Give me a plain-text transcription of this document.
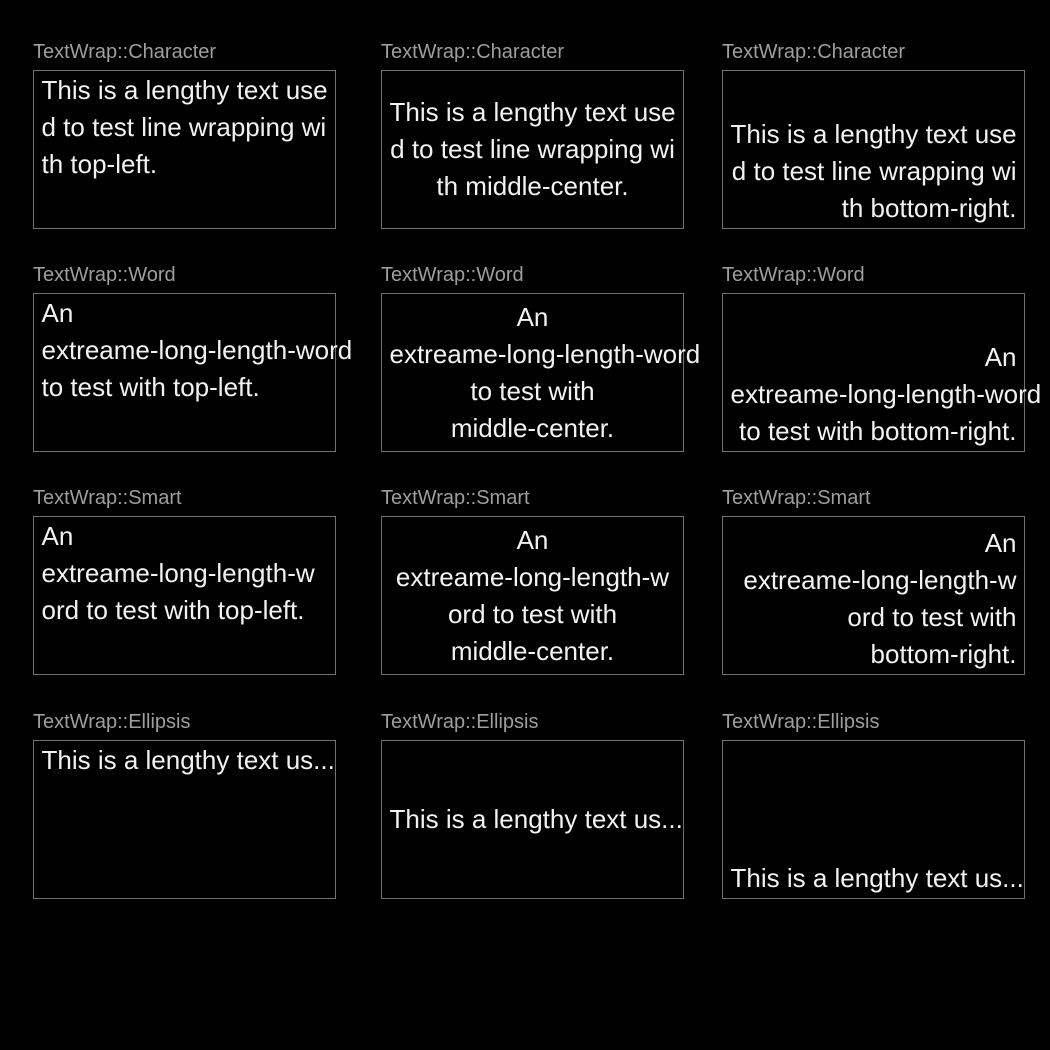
TextWrap::Character
This is a lengthy text use
d to test line wrapping wi
th top-left.
TextWrap::Character
This is a lengthy text use
d to test line wrapping wi
th middle-center.
TextWrap::Character
This is a lengthy text use
d to test line wrapping wi
th bottom-right.
TextWrap::Word
An
extreame-long-length-word
to test with top-left.
TextWrap::Word
An
extreame-long-length-word
to test with
middle-center.
TextWrap::Word
An
extreame-long-length-word
to test with bottom-right.
TextWrap::Smart
An
extreame-long-length-w
ord to test with top-left.
TextWrap::Smart
An
extreame-long-length-w
ord to test with
middle-center.
TextWrap::Smart
An
extreame-long-length-w
ord to test with
bottom-right.
TextWrap::Ellipsis
This is a lengthy text us...
TextWrap::Ellipsis
This is a lengthy text us...
TextWrap::Ellipsis
This is a lengthy text us...
